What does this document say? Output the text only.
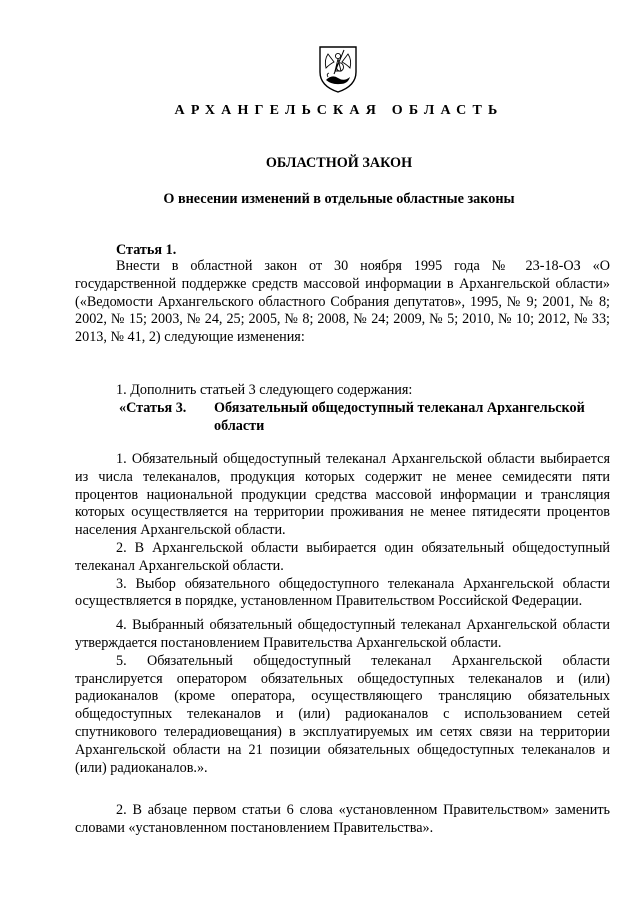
АРХАНГЕЛЬСКАЯ ОБЛАСТЬ
ОБЛАСТНОЙ ЗАКОН
О внесении изменений в отдельные областные законы
Статья 1.

Внести в областной закон от 30 ноября 1995 года № 23-18-ОЗ «О государственной поддержке средств массовой информации в Архангельской области» («Ведомости Архангельского областного Собрания депутатов», 1995, № 9; 2001, № 8; 2002, № 15; 2003, № 24, 25; 2005, № 8; 2008, № 24; 2009, № 5; 2010, № 10; 2012, № 33; 2013, № 41, 2) следующие изменения:

1. Дополнить статьей 3 следующего содержания:

«Статья 3.	Обязательный общедоступный телеканал Архангельской области

1. Обязательный общедоступный телеканал Архангельской области выбирается из числа телеканалов, продукция которых содержит не менее семидесяти пяти процентов национальной продукции средства массовой информации и трансляция которых осуществляется на территории проживания не менее пятидесяти процентов населения Архангельской области.

2. В Архангельской области выбирается один обязательный общедоступный телеканал Архангельской области.

3. Выбор обязательного общедоступного телеканала Архангельской области осуществляется в порядке, установленном Правительством Российской Федерации.

4. Выбранный обязательный общедоступный телеканал Архангельской области утверждается постановлением Правительства Архангельской области.

5. Обязательный общедоступный телеканал Архангельской области транслируется оператором обязательных общедоступных телеканалов и (или) радиоканалов (кроме оператора, осуществляющего трансляцию обязательных общедоступных телеканалов и (или) радиоканалов с использованием сетей спутникового телерадиовещания) в эксплуатируемых им сетях связи на территории Архангельской области на 21 позиции обязательных общедоступных телеканалов и (или) радиоканалов.».

2. В абзаце первом статьи 6 слова «установленном Правительством» заменить словами «установленном постановлением Правительства».
